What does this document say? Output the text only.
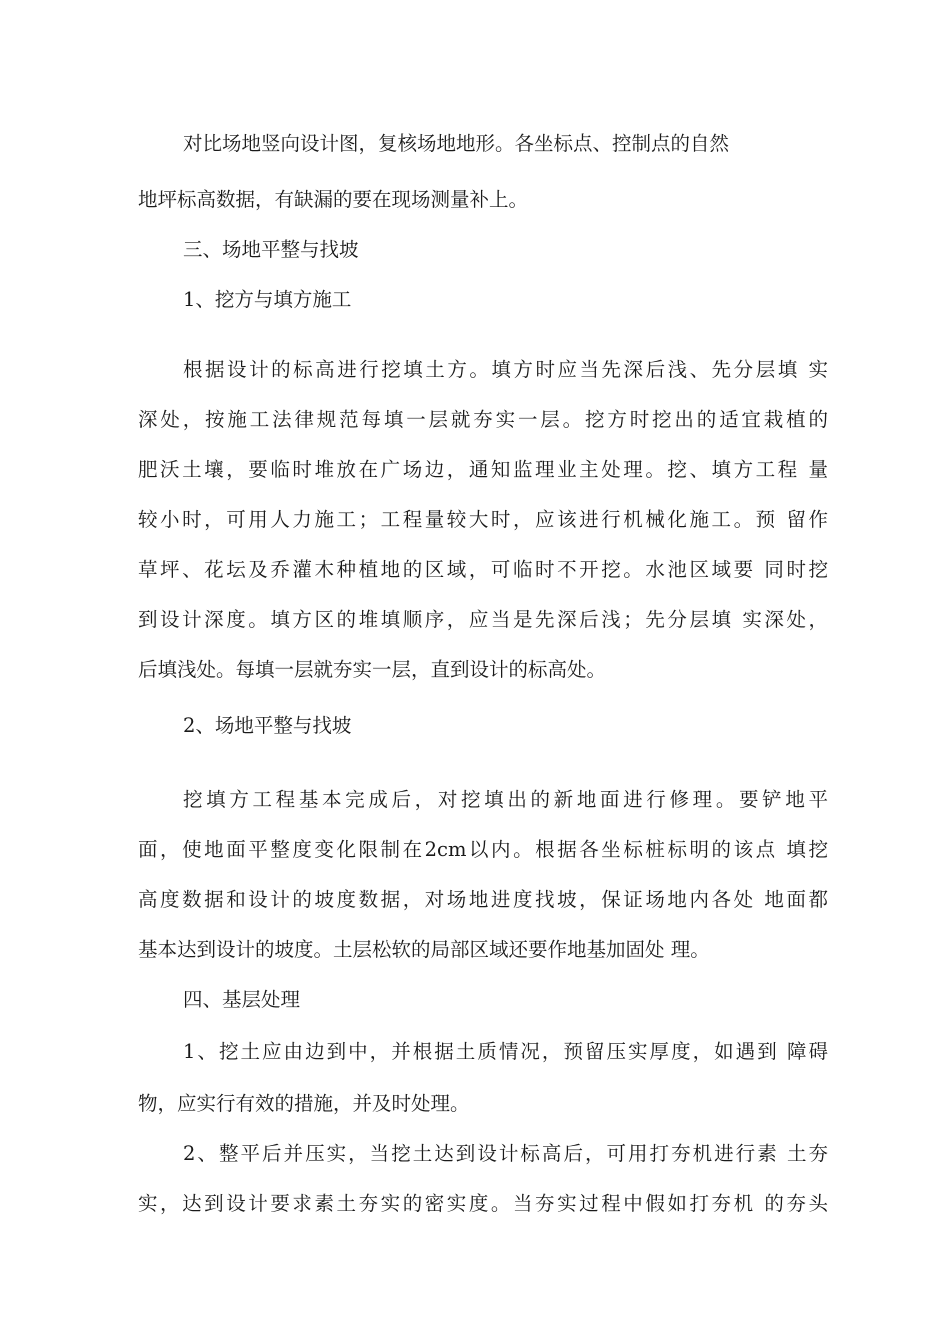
对比场地竖向设计图，复核场地地形。各坐标点、控制点的自然

地坪标高数据，有缺漏的要在现场测量补上。

三、场地平整与找坡

1、挖方与填方施工

根据设计的标高进行挖填土方。填方时应当先深后浅、先分层填 实

深处，按施工法律规范每填一层就夯实一层。挖方时挖出的适宜栽植的

肥沃土壤，要临时堆放在广场边，通知监理业主处理。挖、填方工程 量

较小时，可用人力施工；工程量较大时，应该进行机械化施工。预 留作

草坪、花坛及乔灌木种植地的区域，可临时不开挖。水池区域要 同时挖

到设计深度。填方区的堆填顺序，应当是先深后浅；先分层填 实深处，

后填浅处。每填一层就夯实一层，直到设计的标高处。

2、场地平整与找坡

挖填方工程基本完成后，对挖填出的新地面进行修理。要铲地平

面，使地面平整度变化限制在2cm以内。根据各坐标桩标明的该点 填挖

高度数据和设计的坡度数据，对场地进度找坡，保证场地内各处 地面都

基本达到设计的坡度。土层松软的局部区域还要作地基加固处 理。

四、基层处理

1、挖土应由边到中，并根据土质情况，预留压实厚度，如遇到 障碍

物，应实行有效的措施，并及时处理。

2、整平后并压实，当挖土达到设计标高后，可用打夯机进行素 土夯

实，达到设计要求素土夯实的密实度。当夯实过程中假如打夯机 的夯头
